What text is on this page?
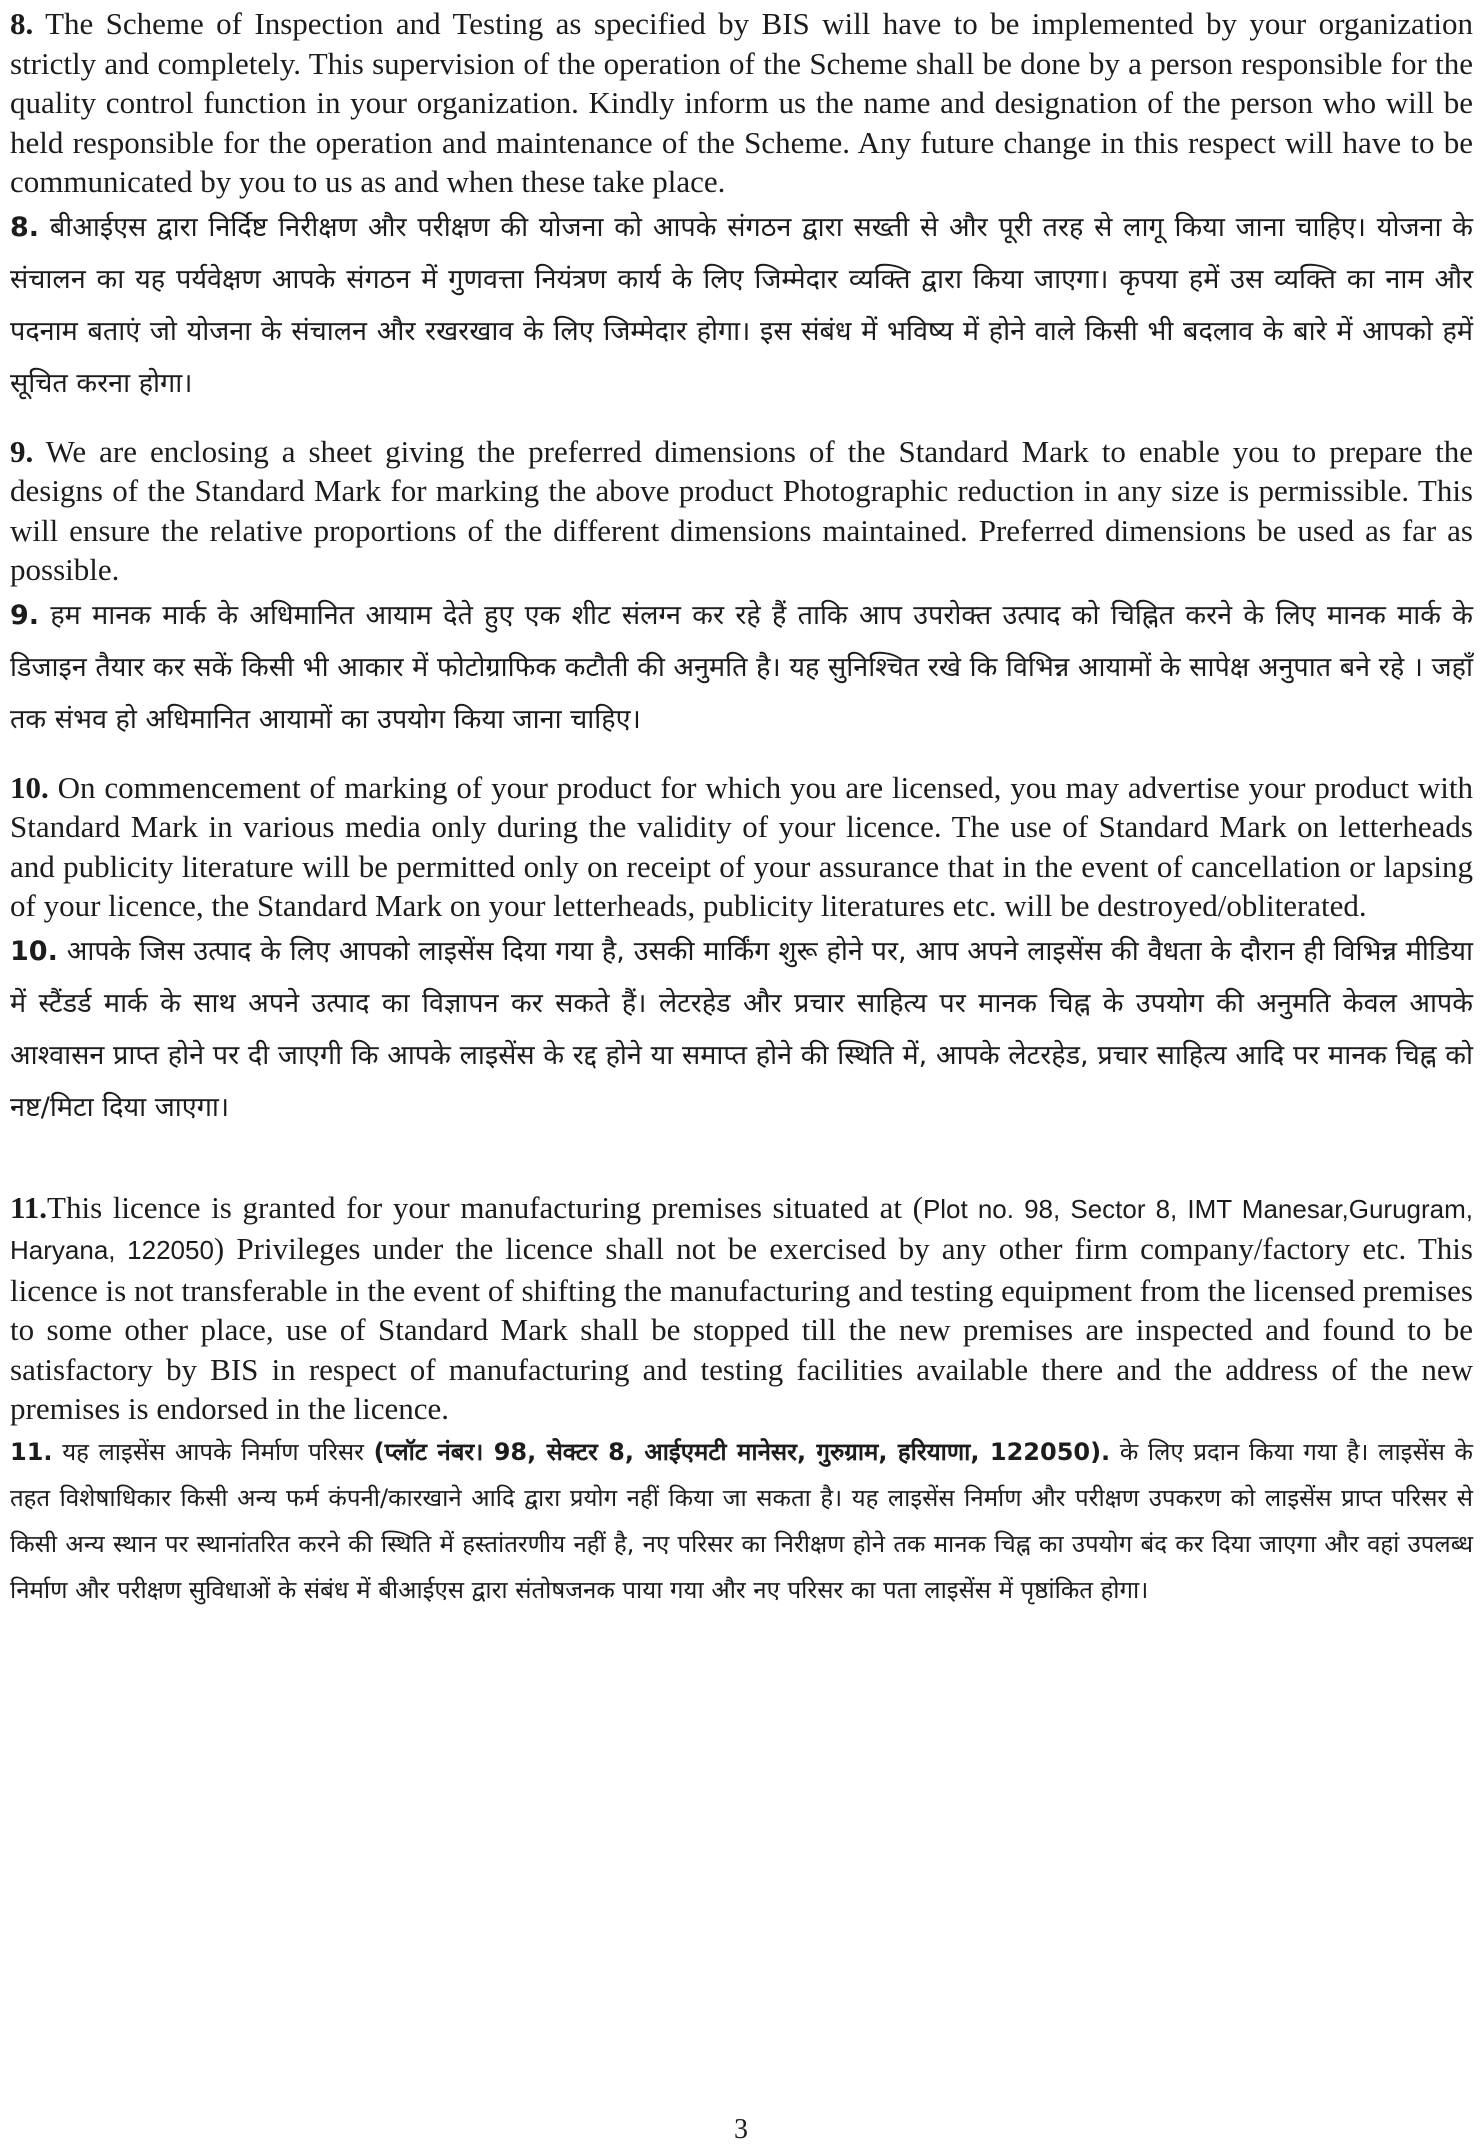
8. The Scheme of Inspection and Testing as specified by BIS will have to be implemented by your organization strictly and completely. This supervision of the operation of the Scheme shall be done by a person responsible for the quality control function in your organization. Kindly inform us the name and designation of the person who will be held responsible for the operation and maintenance of the Scheme. Any future change in this respect will have to be communicated by you to us as and when these take place.

8. बीआईएस द्वारा निर्दिष्ट निरीक्षण और परीक्षण की योजना को आपके संगठन द्वारा सख्ती से और पूरी तरह से लागू किया जाना चाहिए। योजना के संचालन का यह पर्यवेक्षण आपके संगठन में गुणवत्ता नियंत्रण कार्य के लिए जिम्मेदार व्यक्ति द्वारा किया जाएगा। कृपया हमें उस व्यक्ति का नाम और पदनाम बताएं जो योजना के संचालन और रखरखाव के लिए जिम्मेदार होगा। इस संबंध में भविष्य में होने वाले किसी भी बदलाव के बारे में आपको हमें सूचित करना होगा।

9. We are enclosing a sheet giving the preferred dimensions of the Standard Mark to enable you to prepare the designs of the Standard Mark for marking the above product Photographic reduction in any size is permissible. This will ensure the relative proportions of the different dimensions maintained. Preferred dimensions be used as far as possible.

9. हम मानक मार्क के अधिमानित आयाम देते हुए एक शीट संलग्न कर रहे हैं ताकि आप उपरोक्त उत्पाद को चिह्नित करने के लिए मानक मार्क के डिजाइन तैयार कर सकें किसी भी आकार में फोटोग्राफिक कटौती की अनुमति है। यह सुनिश्चित रखे कि विभिन्न आयामों के सापेक्ष अनुपात बने रहे । जहाँ तक संभव हो अधिमानित आयामों का उपयोग किया जाना चाहिए।

10. On commencement of marking of your product for which you are licensed, you may advertise your product with Standard Mark in various media only during the validity of your licence. The use of Standard Mark on letterheads and publicity literature will be permitted only on receipt of your assurance that in the event of cancellation or lapsing of your licence, the Standard Mark on your letterheads, publicity literatures etc. will be destroyed/obliterated.

10. आपके जिस उत्पाद के लिए आपको लाइसेंस दिया गया है, उसकी मार्किंग शुरू होने पर, आप अपने लाइसेंस की वैधता के दौरान ही विभिन्न मीडिया में स्टैंडर्ड मार्क के साथ अपने उत्पाद का विज्ञापन कर सकते हैं। लेटरहेड और प्रचार साहित्य पर मानक चिह्न के उपयोग की अनुमति केवल आपके आश्वासन प्राप्त होने पर दी जाएगी कि आपके लाइसेंस के रद्द होने या समाप्त होने की स्थिति में, आपके लेटरहेड, प्रचार साहित्य आदि पर मानक चिह्न को नष्ट/मिटा दिया जाएगा।

11.This licence is granted for your manufacturing premises situated at (Plot no. 98, Sector 8, IMT Manesar,Gurugram, Haryana, 122050) Privileges under the licence shall not be exercised by any other firm company/factory etc. This licence is not transferable in the event of shifting the manufacturing and testing equipment from the licensed premises to some other place, use of Standard Mark shall be stopped till the new premises are inspected and found to be satisfactory by BIS in respect of manufacturing and testing facilities available there and the address of the new premises is endorsed in the licence.

11. यह लाइसेंस आपके निर्माण परिसर (प्लॉट नंबर। 98, सेक्टर 8, आईएमटी मानेसर, गुरुग्राम, हरियाणा, 122050). के लिए प्रदान किया गया है। लाइसेंस के तहत विशेषाधिकार किसी अन्य फर्म कंपनी/कारखाने आदि द्वारा प्रयोग नहीं किया जा सकता है। यह लाइसेंस निर्माण और परीक्षण उपकरण को लाइसेंस प्राप्त परिसर से किसी अन्य स्थान पर स्थानांतरित करने की स्थिति में हस्तांतरणीय नहीं है, नए परिसर का निरीक्षण होने तक मानक चिह्न का उपयोग बंद कर दिया जाएगा और वहां उपलब्ध निर्माण और परीक्षण सुविधाओं के संबंध में बीआईएस द्वारा संतोषजनक पाया गया और नए परिसर का पता लाइसेंस में पृष्ठांकित होगा।

3
